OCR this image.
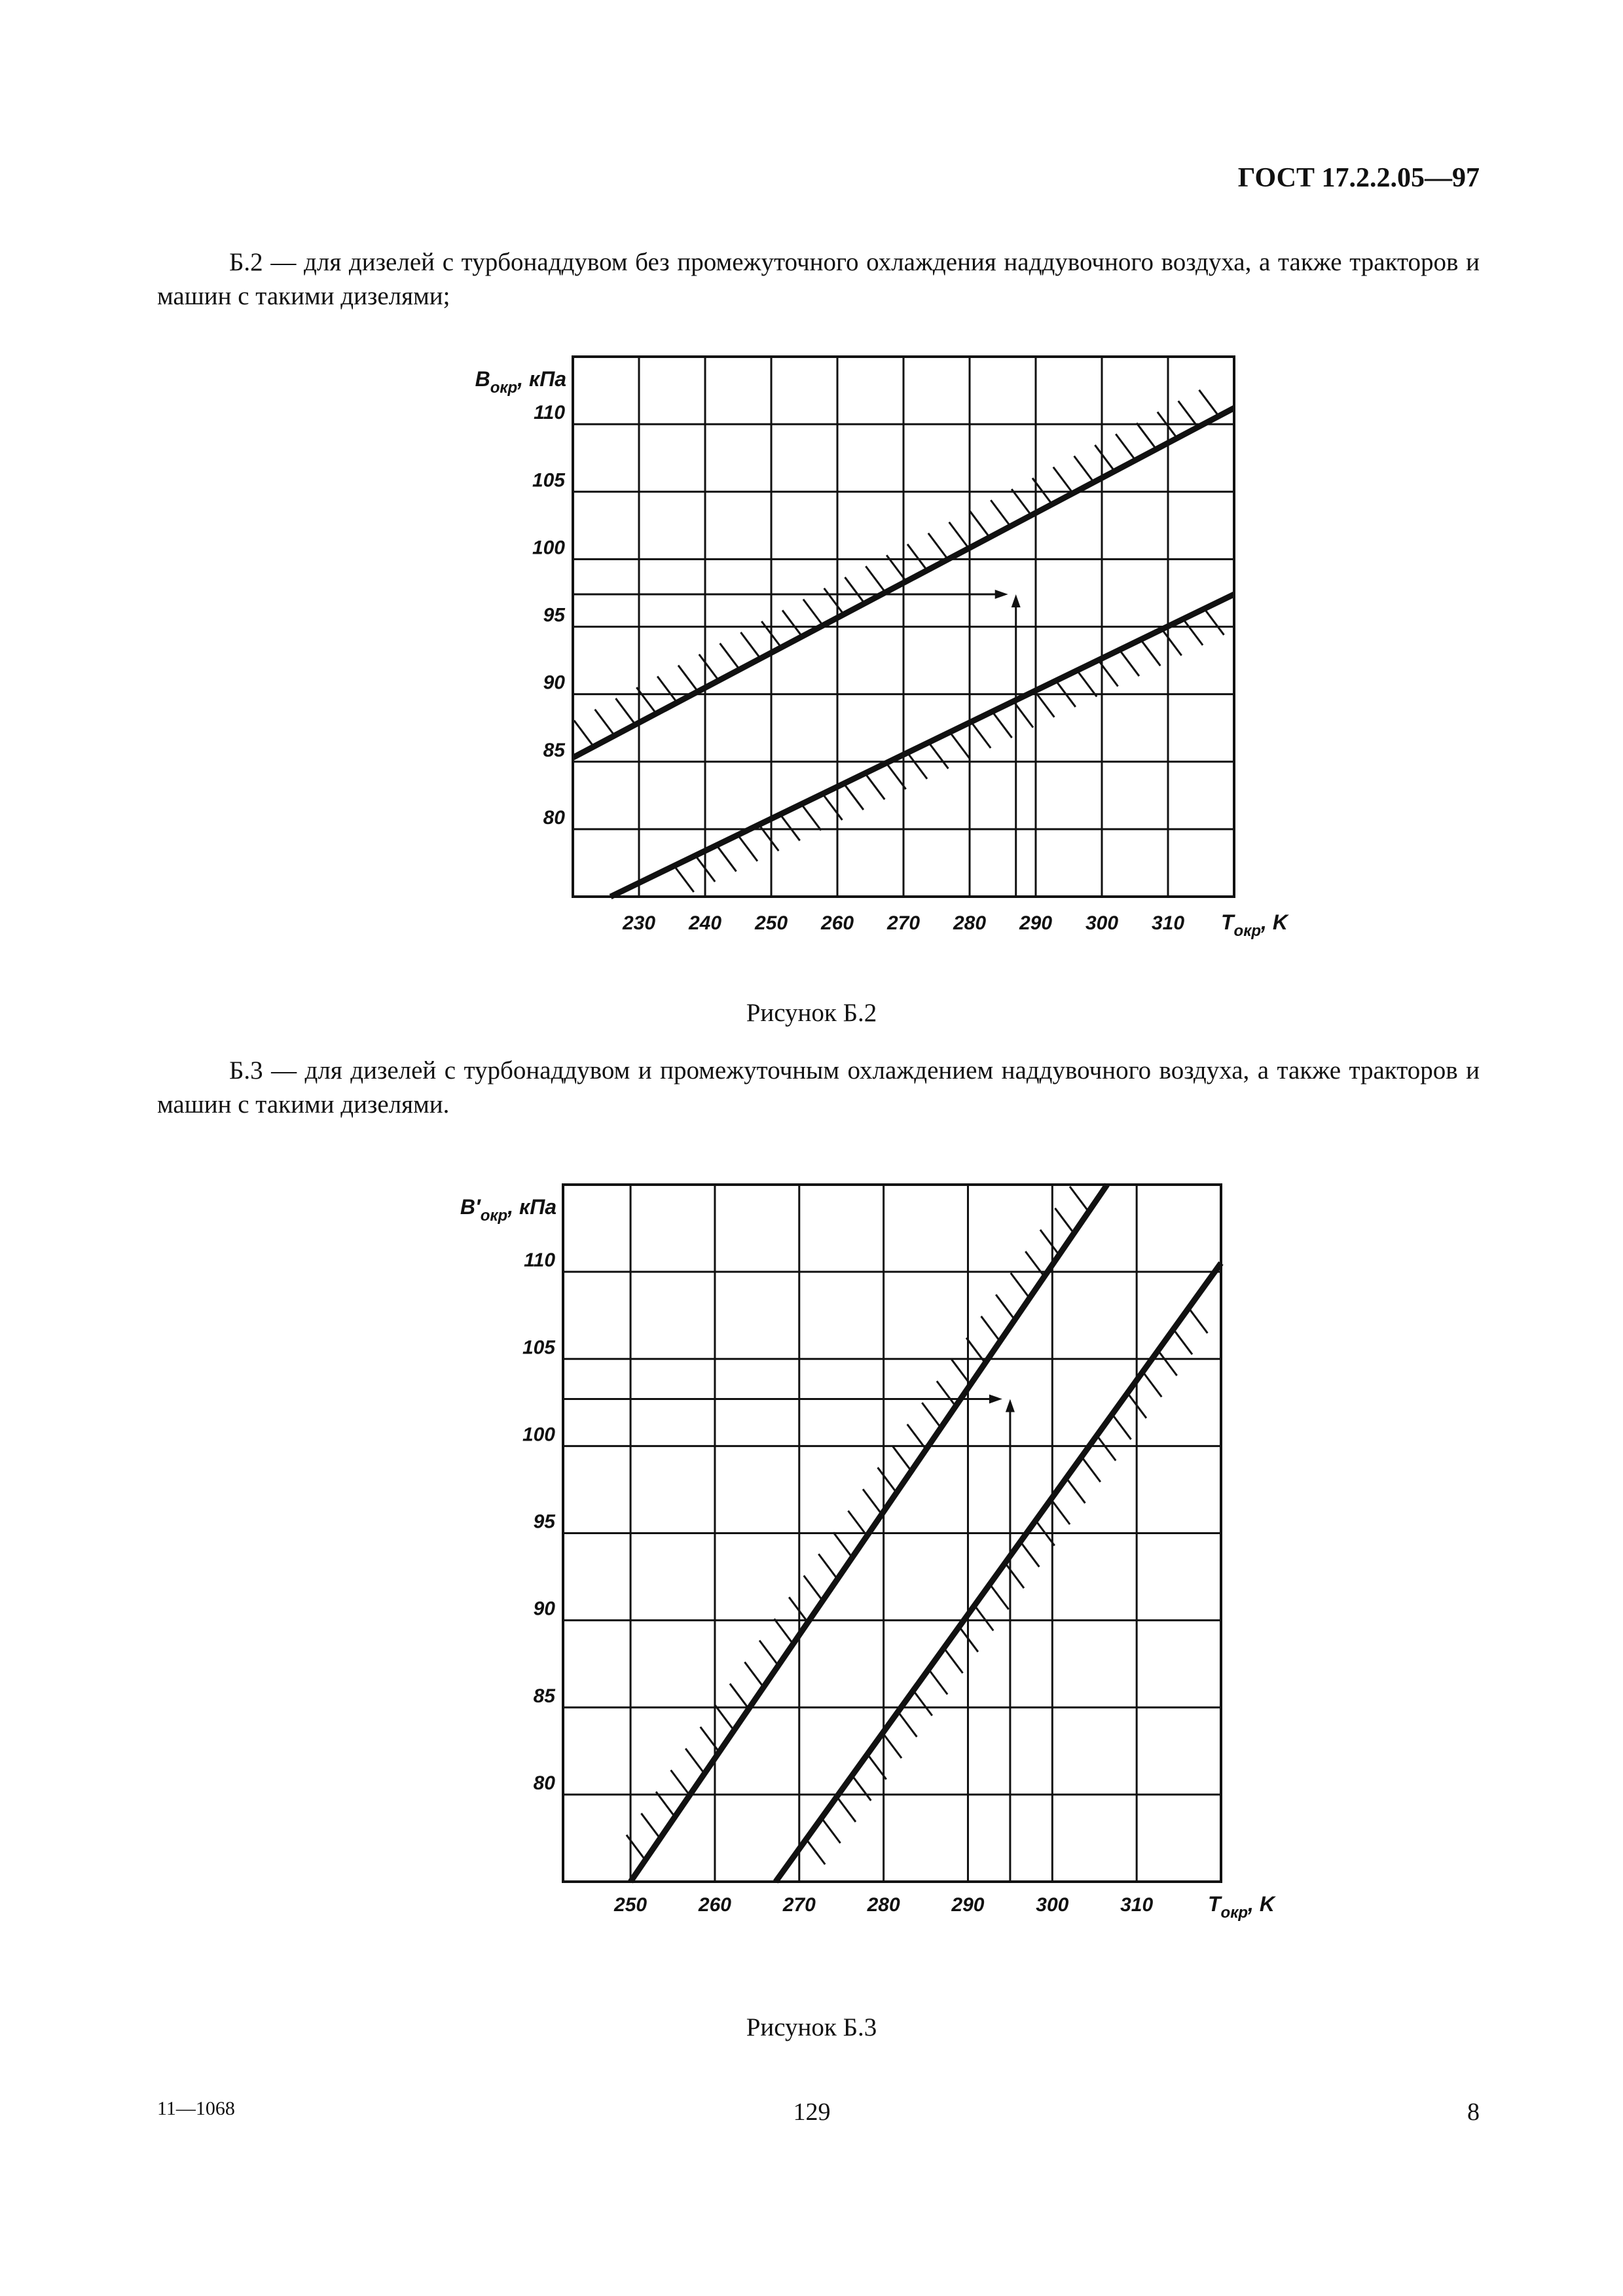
ГОСТ 17.2.2.05—97

Б.2 — для дизелей с турбонаддувом без промежуточного охлаждения наддувочного воздуха, а также тракторов и машин с такими дизелями;

230 240 250 260 270 280 290 300 310
80
85
90
95
100
105
110
$B_{окр}$, кПа
$T_{окр}$, K
Рисунок Б.2

Б.3 — для дизелей с турбонаддувом и промежуточным охлаждением наддувочного воздуха, а также тракторов и машин с такими дизелями.

250	260	270	280	290	300	310
80
85
90
95
100
105
110
$B'_{окр}$, кПа
$T_{окр}$, K
Рисунок Б.3
11—1068	129	8
